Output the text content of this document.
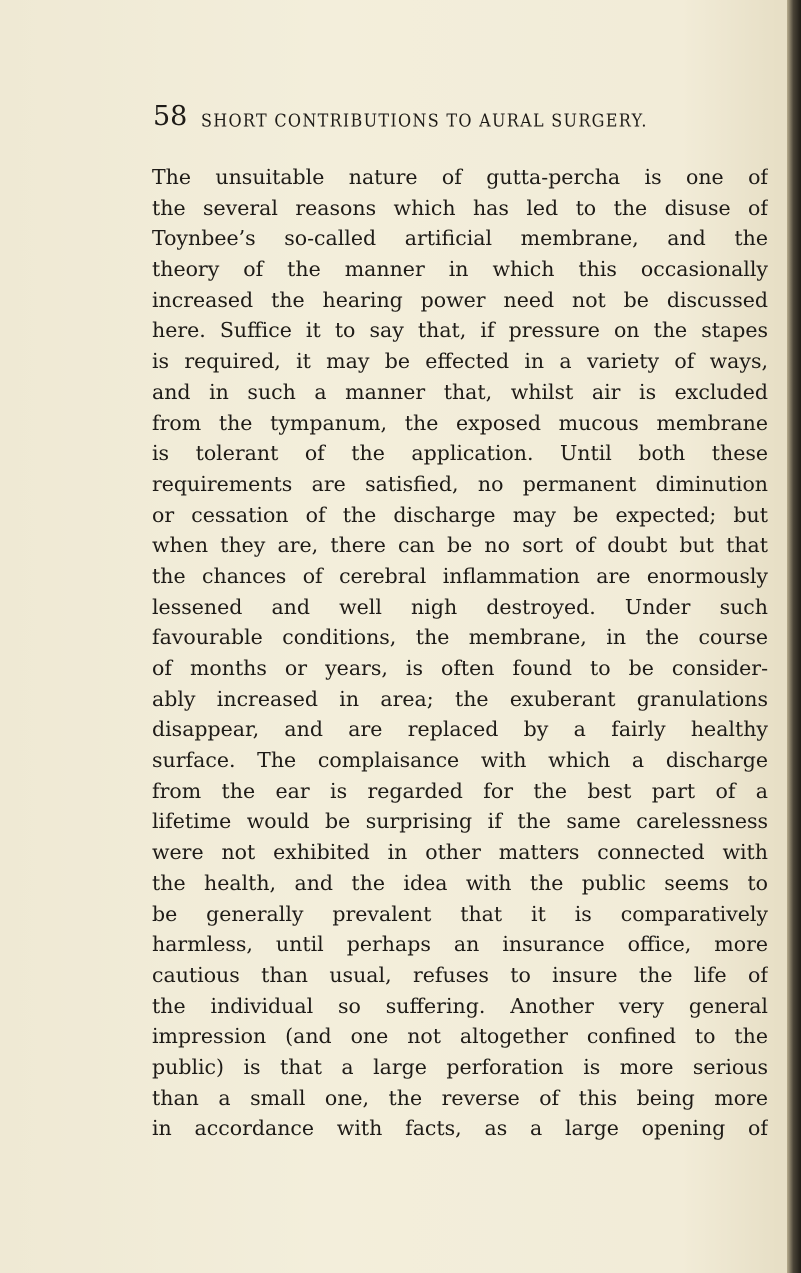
58 SHORT CONTRIBUTIONS TO AURAL SURGERY.
The unsuitable nature of gutta-percha is one of
the several reasons which has led to the disuse of
Toynbee’s so-called artificial membrane, and the
theory of the manner in which this occasionally
increased the hearing power need not be discussed
here. Suffice it to say that, if pressure on the stapes
is required, it may be effected in a variety of ways,
and in such a manner that, whilst air is excluded
from the tympanum, the exposed mucous membrane
is tolerant of the application. Until both these
requirements are satisfied, no permanent diminution
or cessation of the discharge may be expected; but
when they are, there can be no sort of doubt but that
the chances of cerebral inflammation are enormously
lessened and well nigh destroyed. Under such
favourable conditions, the membrane, in the course
of months or years, is often found to be consider-
ably increased in area; the exuberant granulations
disappear, and are replaced by a fairly healthy
surface. The complaisance with which a discharge
from the ear is regarded for the best part of a
lifetime would be surprising if the same carelessness
were not exhibited in other matters connected with
the health, and the idea with the public seems to
be generally prevalent that it is comparatively
harmless, until perhaps an insurance office, more
cautious than usual, refuses to insure the life of
the individual so suffering. Another very general
impression (and one not altogether confined to the
public) is that a large perforation is more serious
than a small one, the reverse of this being more
in accordance with facts, as a large opening of
